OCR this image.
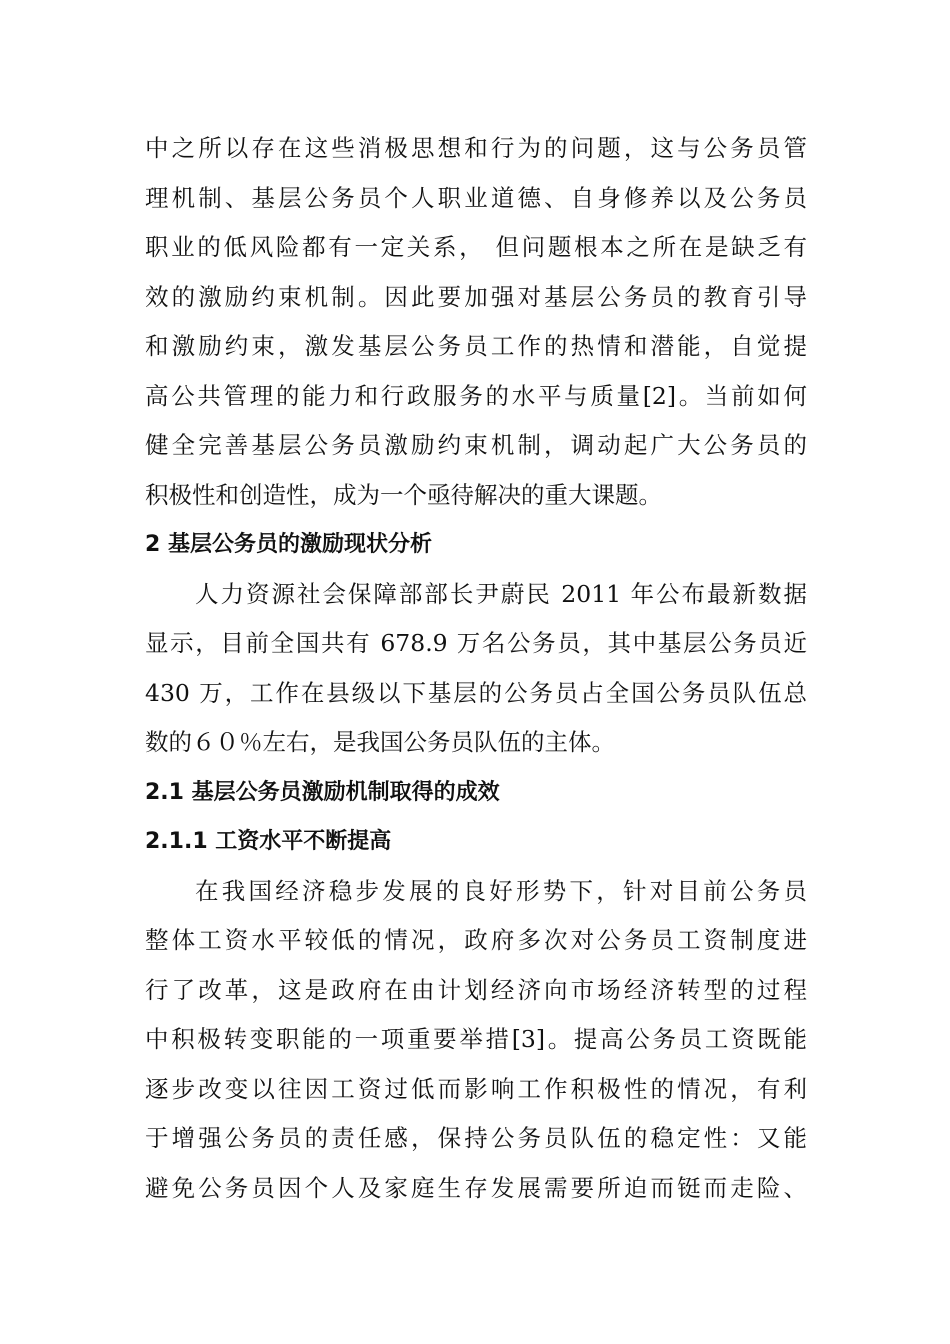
中之所以存在这些消极思想和行为的问题，这与公务员管
理机制、基层公务员个人职业道德、自身修养以及公务员
职业的低风险都有一定关系， 但问题根本之所在是缺乏有
效的激励约束机制。因此要加强对基层公务员的教育引导
和激励约束，激发基层公务员工作的热情和潜能，自觉提
高公共管理的能力和行政服务的水平与质量[2]。当前如何
健全完善基层公务员激励约束机制，调动起广大公务员的
积极性和创造性，成为一个亟待解决的重大课题。
2 基层公务员的激励现状分析
人力资源社会保障部部长尹蔚民 2011 年公布最新数据
显示，目前全国共有 678.9 万名公务员，其中基层公务员近
430 万，工作在县级以下基层的公务员占全国公务员队伍总
数的６０％左右，是我国公务员队伍的主体。
2.1 基层公务员激励机制取得的成效
2.1.1 工资水平不断提高
在我国经济稳步发展的良好形势下，针对目前公务员
整体工资水平较低的情况，政府多次对公务员工资制度进
行了改革，这是政府在由计划经济向市场经济转型的过程
中积极转变职能的一项重要举措[3]。提高公务员工资既能
逐步改变以往因工资过低而影响工作积极性的情况，有利
于增强公务员的责任感，保持公务员队伍的稳定性：又能
避免公务员因个人及家庭生存发展需要所迫而铤而走险、
